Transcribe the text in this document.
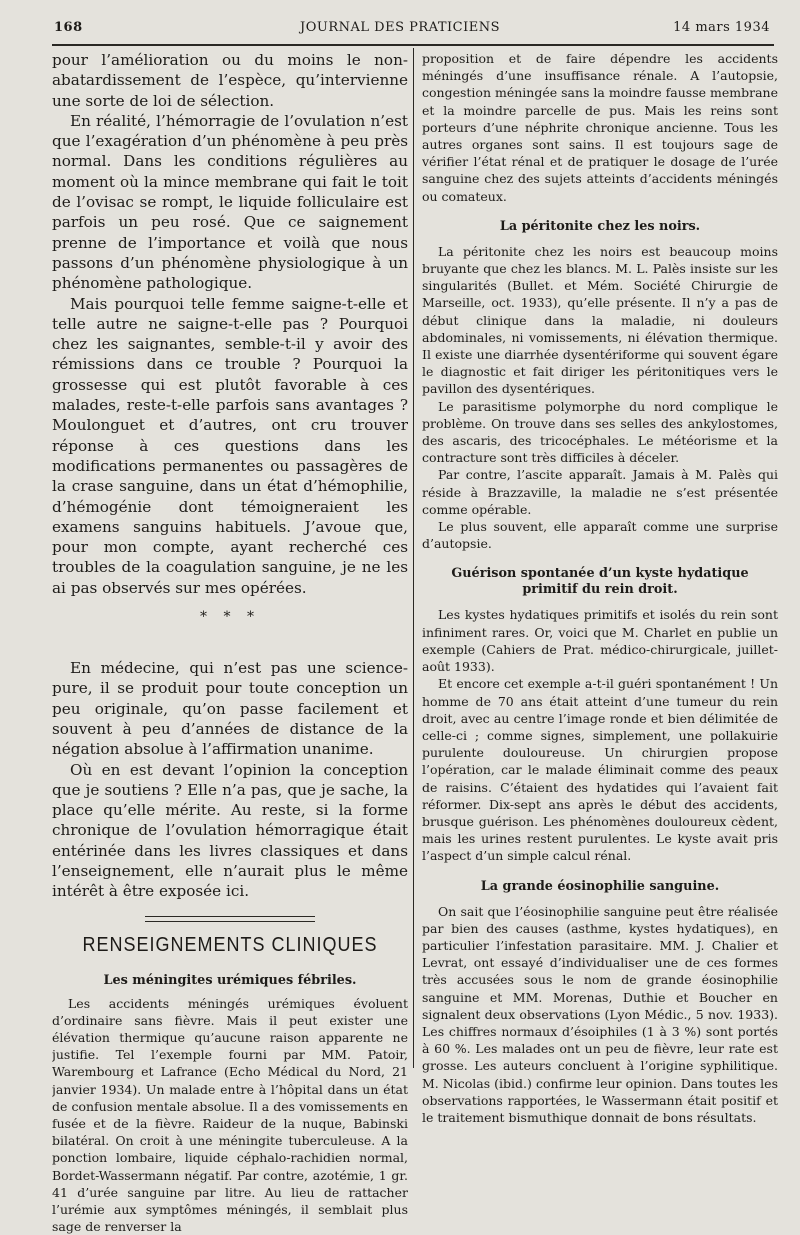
168	JOURNAL DES PRATICIENS	14 mars 1934

pour l’amélioration ou du moins le non-abatardissement de l’espèce, qu’intervienne une sorte de loi de sélection.

En réalité, l’hémorragie de l’ovulation n’est que l’exagération d’un phénomène à peu près normal. Dans les conditions régulières au moment où la mince membrane qui fait le toit de l’ovisac se rompt, le liquide folliculaire est parfois un peu rosé. Que ce saignement prenne de l’importance et voilà que nous passons d’un phénomène physiologique à un phénomène pathologique.

Mais pourquoi telle femme saigne-t-elle et telle autre ne saigne-t-elle pas ? Pourquoi chez les saignantes, semble-t-il y avoir des rémissions dans ce trouble ? Pourquoi la grossesse qui est plutôt favorable à ces malades, reste-t-elle parfois sans avantages ? Moulonguet et d’autres, ont cru trouver réponse à ces questions dans les modifications permanentes ou passagères de la crase sanguine, dans un état d’hémophilie, d’hémogénie dont témoigneraient les examens sanguins habituels. J’avoue que, pour mon compte, ayant recherché ces troubles de la coagulation sanguine, je ne les ai pas observés sur mes opérées.

* * *

En médecine, qui n’est pas une science-pure, il se produit pour toute conception un peu originale, qu’on passe facilement et souvent à peu d’années de distance de la négation absolue à l’affirmation unanime.

Où en est devant l’opinion la conception que je soutiens ? Elle n’a pas, que je sache, la place qu’elle mérite. Au reste, si la forme chronique de l’ovulation hémorragique était entérinée dans les livres classiques et dans l’enseignement, elle n’aurait plus le même intérêt à être exposée ici.

RENSEIGNEMENTS CLINIQUES
Les méningites urémiques fébriles.

Les accidents méningés urémiques évoluent d’ordinaire sans fièvre. Mais il peut exister une élévation thermique qu’aucune raison apparente ne justifie. Tel l’exemple fourni par MM. Patoir, Warembourg et Lafrance (Echo Médical du Nord, 21 janvier 1934). Un malade entre à l’hôpital dans un état de confusion mentale absolue. Il a des vomissements en fusée et de la fièvre. Raideur de la nuque, Babinski bilatéral. On croit à une méningite tuberculeuse. A la ponction lombaire, liquide céphalo-rachidien normal, Bordet-Wassermann négatif. Par contre, azotémie, 1 gr. 41 d’urée sanguine par litre. Au lieu de rattacher l’urémie aux symptômes méningés, il semblait plus sage de renverser la

proposition et de faire dépendre les accidents méningés d’une insuffisance rénale. A l’autopsie, congestion méningée sans la moindre fausse membrane et la moindre parcelle de pus. Mais les reins sont porteurs d’une néphrite chronique ancienne. Tous les autres organes sont sains. Il est toujours sage de vérifier l’état rénal et de pratiquer le dosage de l’urée sanguine chez des sujets atteints d’accidents méningés ou comateux.

La péritonite chez les noirs.

La péritonite chez les noirs est beaucoup moins bruyante que chez les blancs. M. L. Palès insiste sur les singularités (Bullet. et Mém. Société Chirurgie de Marseille, oct. 1933), qu’elle présente. Il n’y a pas de début clinique dans la maladie, ni douleurs abdominales, ni vomissements, ni élévation thermique. Il existe une diarrhée dysentériforme qui souvent égare le diagnostic et fait diriger les péritonitiques vers le pavillon des dysentériques.

Le parasitisme polymorphe du nord complique le problème. On trouve dans ses selles des ankylostomes, des ascaris, des tricocéphales. Le météorisme et la contracture sont très difficiles à déceler.

Par contre, l’ascite apparaît. Jamais à M. Palès qui réside à Brazzaville, la maladie ne s’est présentée comme opérable.

Le plus souvent, elle apparaît comme une surprise d’autopsie.

Guérison spontanée d’un kyste hydatique primitif du rein droit.

Les kystes hydatiques primitifs et isolés du rein sont infiniment rares. Or, voici que M. Charlet en publie un exemple (Cahiers de Prat. médico-chirurgicale, juillet-août 1933).

Et encore cet exemple a-t-il guéri spontanément ! Un homme de 70 ans était atteint d’une tumeur du rein droit, avec au centre l’image ronde et bien délimitée de celle-ci ; comme signes, simplement, une pollakuirie purulente douloureuse. Un chirurgien propose l’opération, car le malade éliminait comme des peaux de raisins. C’étaient des hydatides qui l’avaient fait réformer. Dix-sept ans après le début des accidents, brusque guérison. Les phénomènes douloureux cèdent, mais les urines restent purulentes. Le kyste avait pris l’aspect d’un simple calcul rénal.

La grande éosinophilie sanguine.

On sait que l’éosinophilie sanguine peut être réalisée par bien des causes (asthme, kystes hydatiques), en particulier l’infestation parasitaire. MM. J. Chalier et Levrat, ont essayé d’individualiser une de ces formes très accusées sous le nom de grande éosinophilie sanguine et MM. Morenas, Duthie et Boucher en signalent deux observations (Lyon Médic., 5 nov. 1933). Les chiffres normaux d’ésoiphiles (1 à 3 %) sont portés à 60 %. Les malades ont un peu de fièvre, leur rate est grosse. Les auteurs concluent à l’origine syphilitique. M. Nicolas (ibid.) confirme leur opinion. Dans toutes les observations rapportées, le Wassermann était positif et le traitement bismuthique donnait de bons résultats.
